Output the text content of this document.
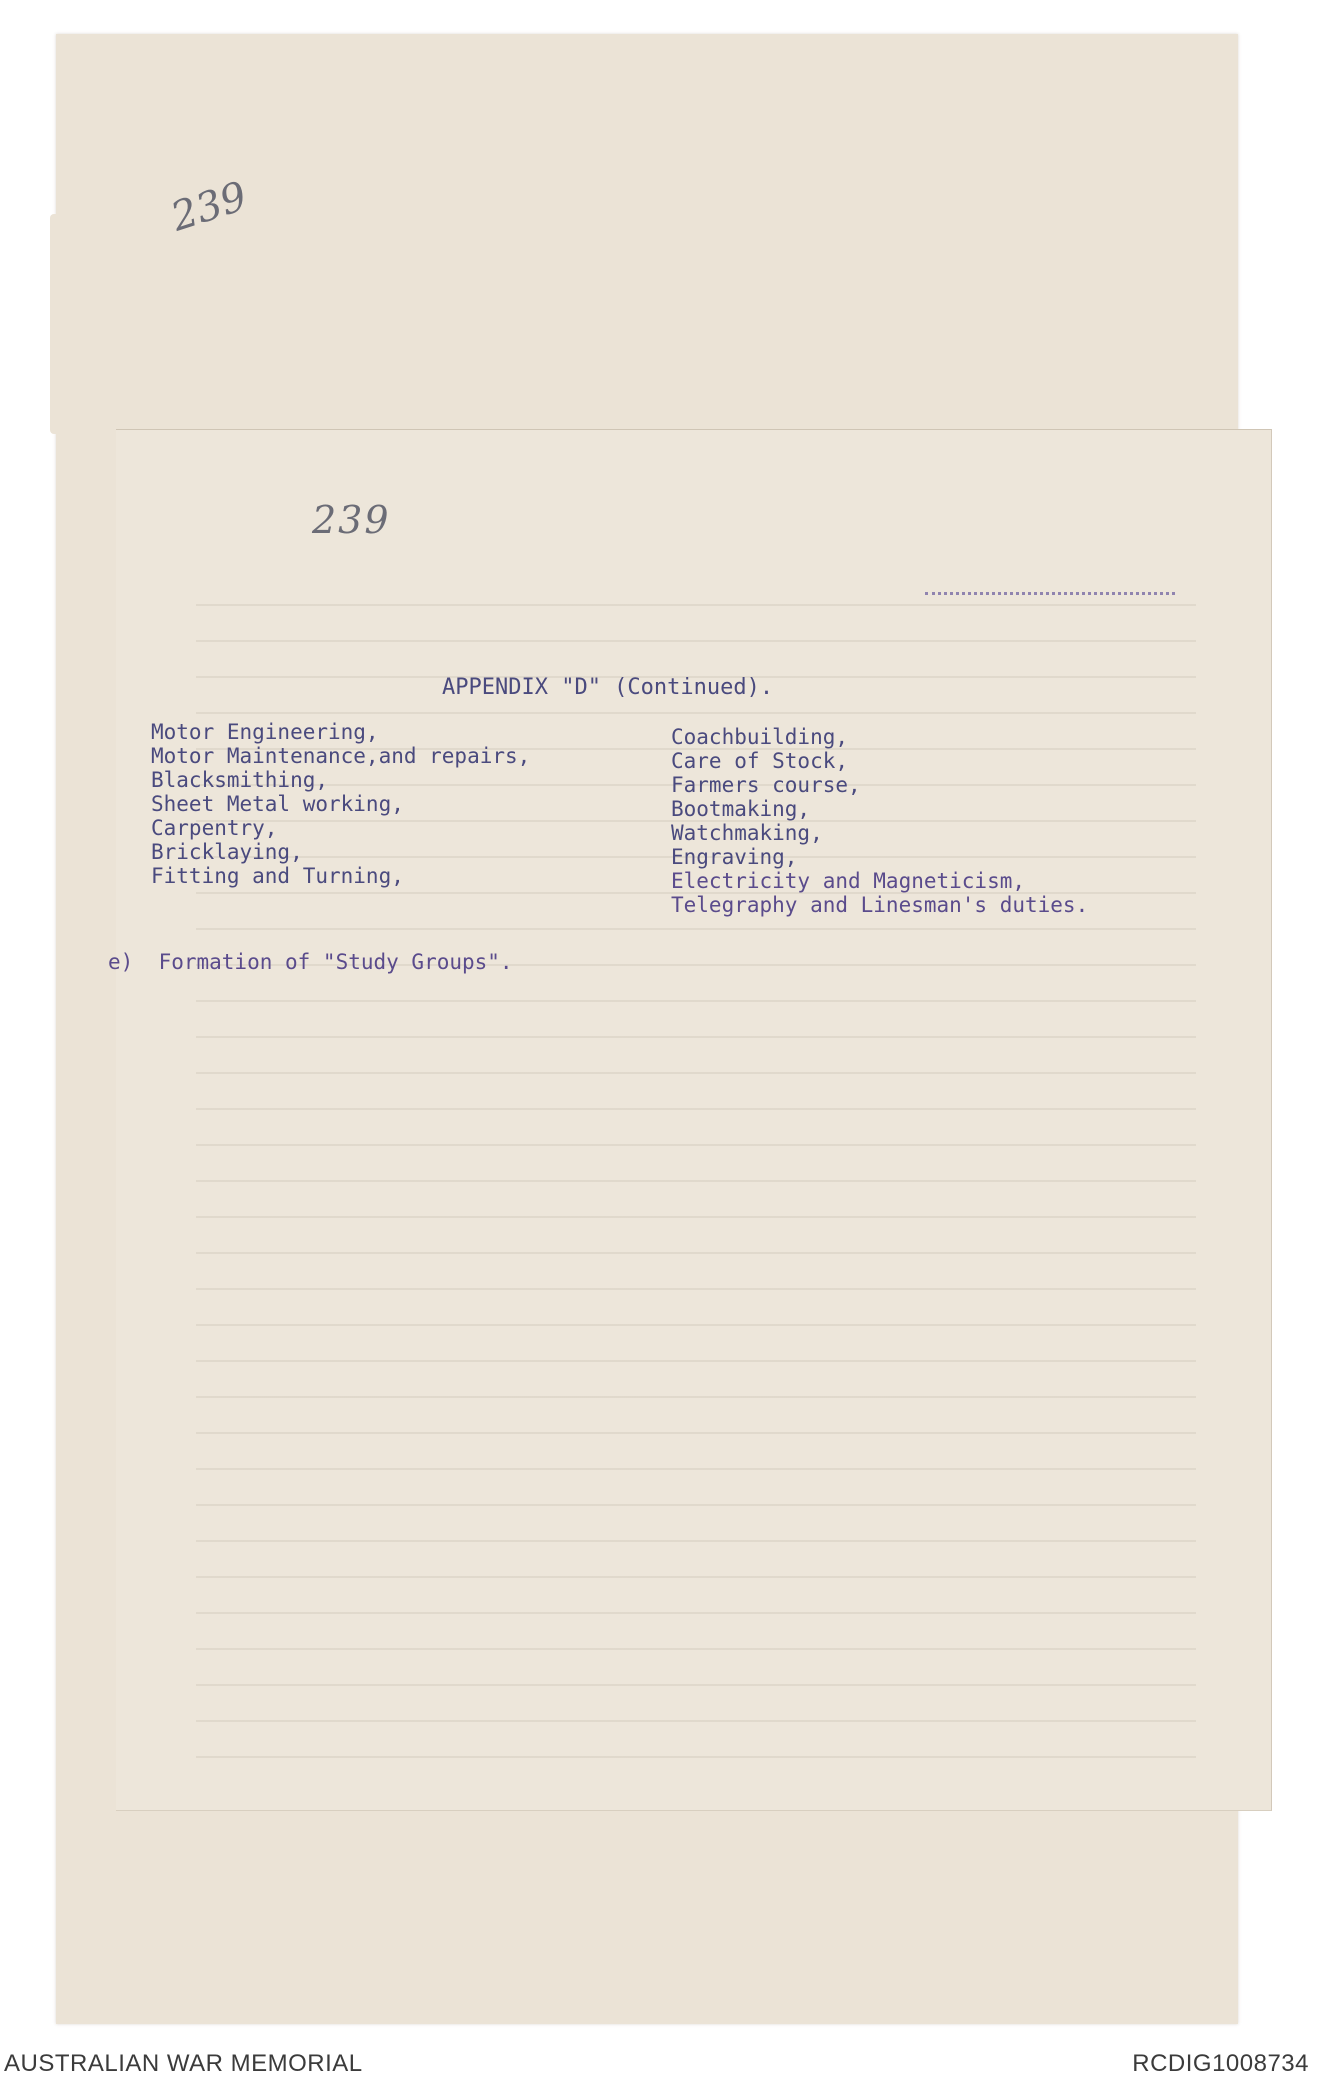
239
239
APPENDIX "D" (Continued).
Motor Engineering,
Motor Maintenance,and repairs,
Blacksmithing,
Sheet Metal working,
Carpentry,
Bricklaying,
Fitting and Turning,
Coachbuilding,
Care of Stock,
Farmers course,
Bootmaking,
Watchmaking,
Engraving,
Electricity and Magneticism,
Telegraphy and Linesman's duties.
e)  Formation of "Study Groups".
AUSTRALIAN WAR MEMORIAL	RCDIG1008734
